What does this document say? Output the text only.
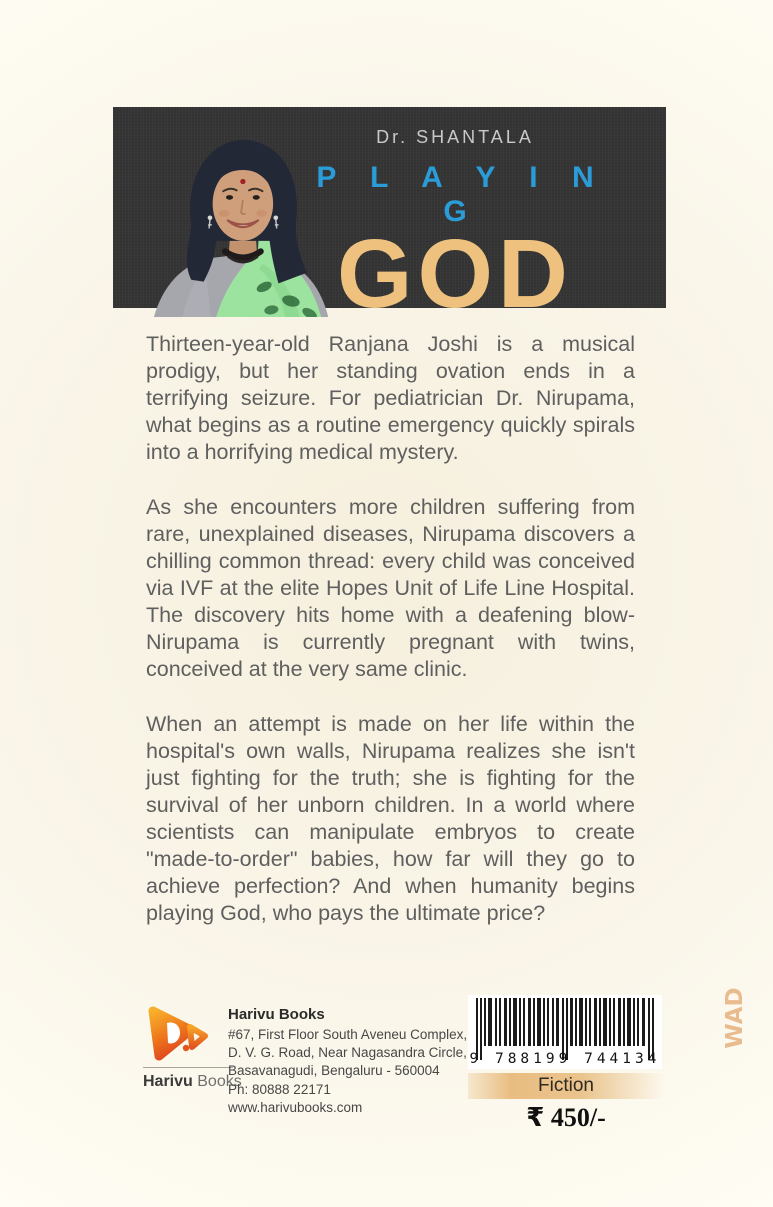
Dr. SHANTALA
P L A Y I N G
GOD

Thirteen-year-old Ranjana Joshi is a musical prodigy, but her standing ovation ends in a terrifying seizure. For pediatrician Dr. Nirupama, what begins as a routine emergency quickly spirals into a horrifying medical mystery.

As she encounters more children suffering from rare, unexplained diseases, Nirupama discovers a chilling common thread: every child was conceived via IVF at the elite Hopes Unit of Life Line Hospital. The discovery hits home with a deafening blow-Nirupama is currently pregnant with twins, conceived at the very same clinic.

When an attempt is made on her life within the hospital's own walls, Nirupama realizes she isn't just fighting for the truth; she is fighting for the survival of her unborn children. In a world where scientists can manipulate embryos to create "made-to-order" babies, how far will they go to achieve perfection? And when humanity begins playing God, who pays the ultimate price?

Harivu Books
Harivu Books
#67, First Floor South Aveneu Complex,
D. V. G. Road, Near Nagasandra Circle,
Basavanagudi, Bengaluru - 560004
Ph: 80888 22171 www.harivubooks.com
9 788199 744134
Fiction
₹ 450/-
WAD
